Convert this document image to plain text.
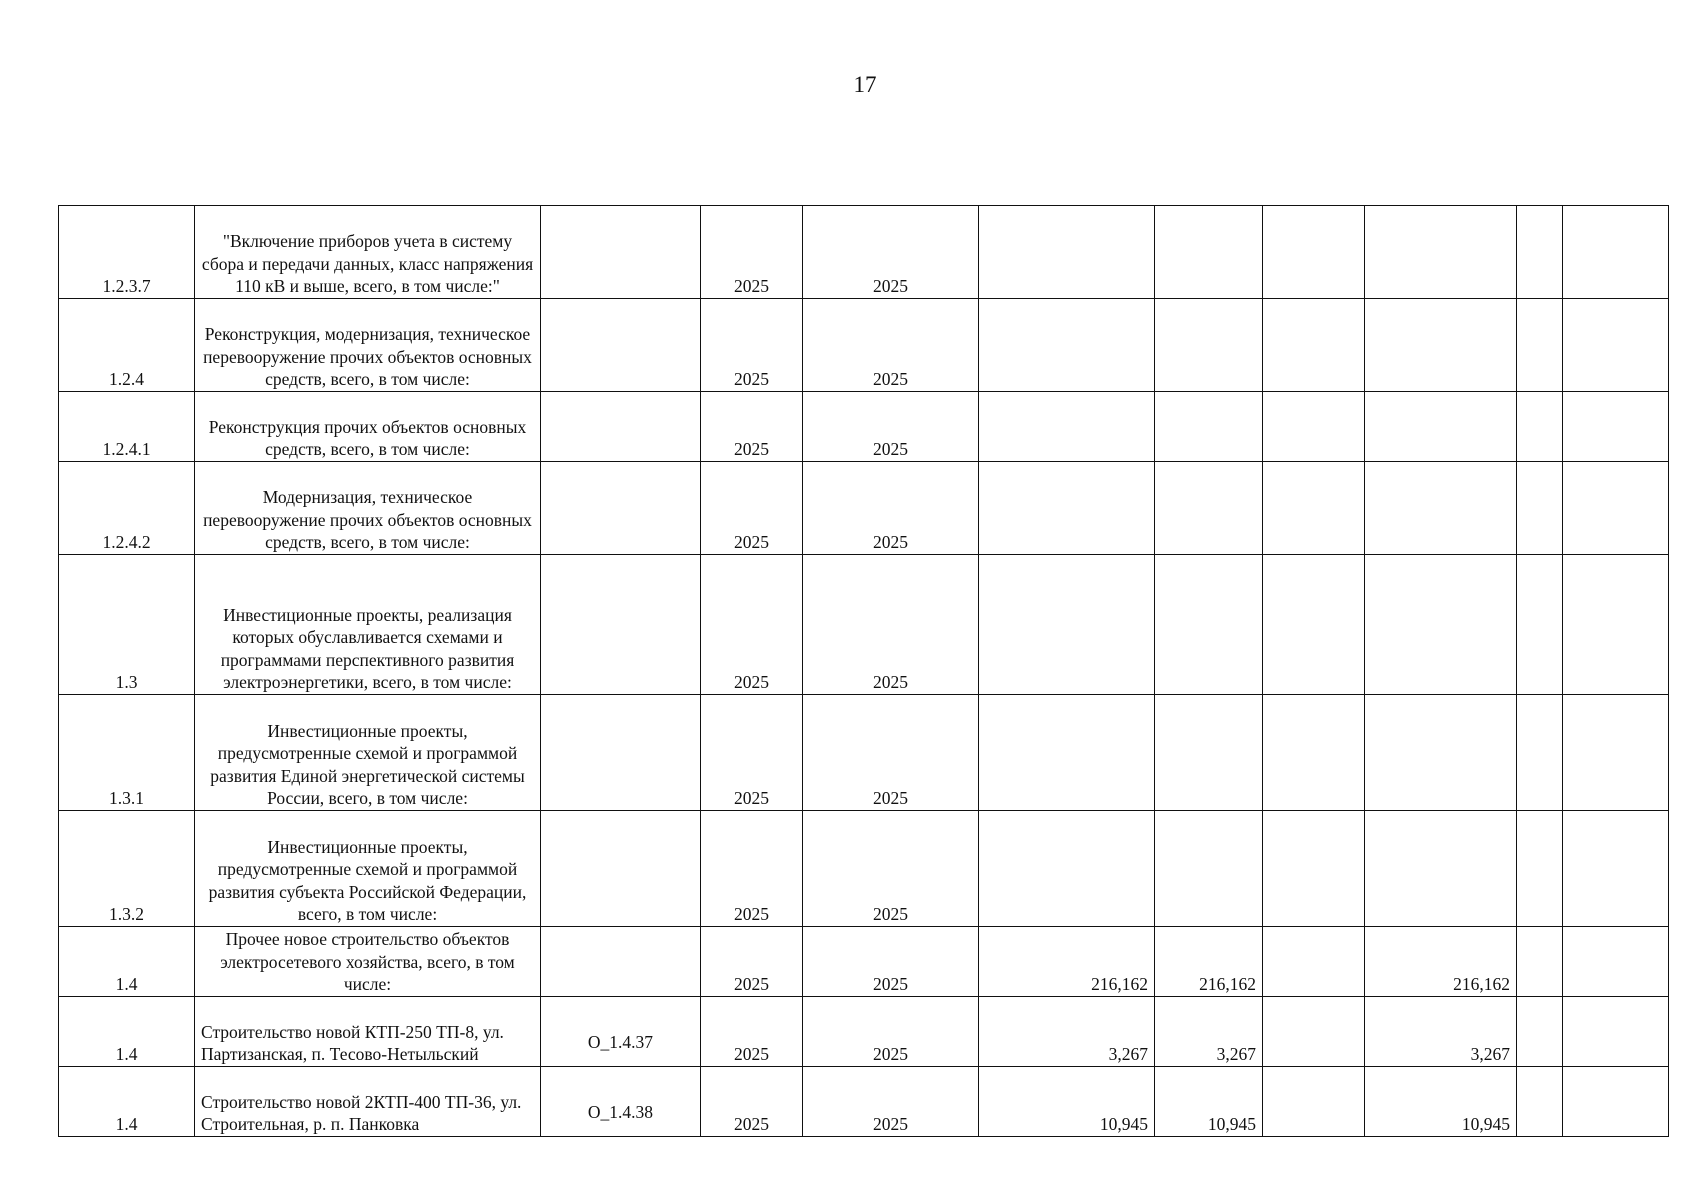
17
1.2.3.7	"Включение приборов учета в систему сбора и передачи данных, класс напряжения 110 кВ и выше, всего, в том числе:"		2025	2025						
1.2.4	Реконструкция, модернизация, техническое перевооружение прочих объектов основных средств, всего, в том числе:		2025	2025						
1.2.4.1	Реконструкция прочих объектов основных средств, всего, в том числе:		2025	2025						
1.2.4.2	Модернизация, техническое перевооружение прочих объектов основных средств, всего, в том числе:		2025	2025						
1.3	Инвестиционные проекты, реализация которых обуславливается схемами и программами перспективного развития электроэнергетики, всего, в том числе:		2025	2025						
1.3.1	Инвестиционные проекты, предусмотренные схемой и программой развития Единой энергетической системы России, всего, в том числе:		2025	2025						
1.3.2	Инвестиционные проекты, предусмотренные схемой и программой развития субъекта Российской Федерации, всего, в том числе:		2025	2025						
1.4	Прочее новое строительство объектов электросетевого хозяйства, всего, в том числе:		2025	2025	216,162	216,162		216,162		
1.4	Строительство новой КТП-250 ТП-8, ул. Партизанская, п. Тесово-Нетыльский	О_1.4.37	2025	2025	3,267	3,267		3,267		
1.4	Строительство новой 2КТП-400 ТП-36, ул. Строительная, р. п. Панковка	О_1.4.38	2025	2025	10,945	10,945		10,945		
